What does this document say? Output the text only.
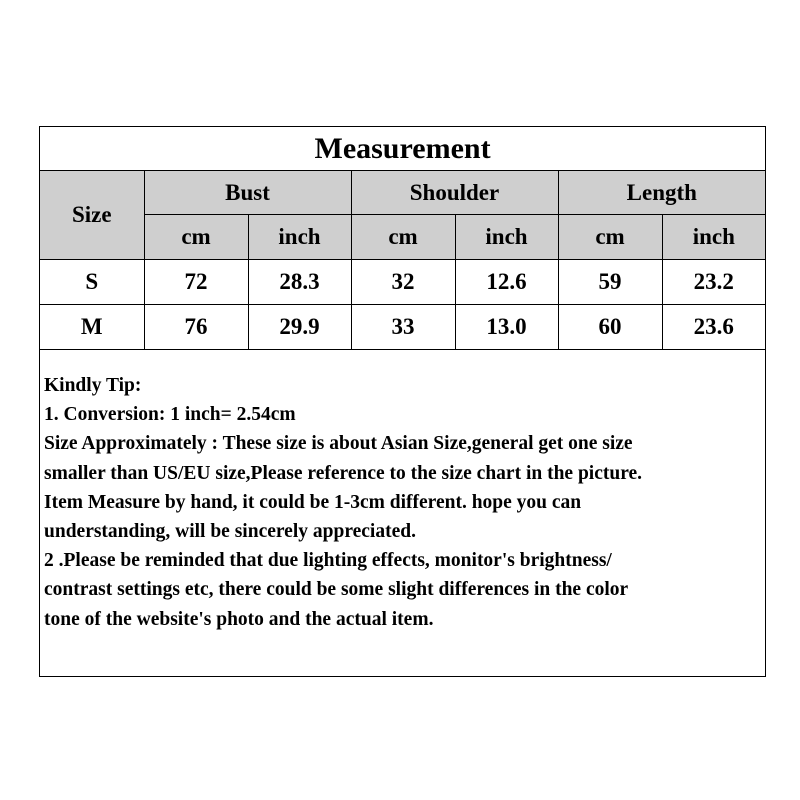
Measurement						
Size	Bust		Shoulder		Length	
	cm	inch	cm	inch	cm	inch
S	72	28.3	32	12.6	59	23.2
M	76	29.9	33	13.0	60	23.6
Kindly Tip:
1. Conversion: 1 inch= 2.54cm
Size Approximately : These size is about Asian Size,general get one size
smaller than US/EU size,Please reference to the size chart in the picture.
Item Measure by hand, it could be 1-3cm different. hope you can
understanding, will be sincerely appreciated.
2 .Please be reminded that due lighting effects, monitor's brightness/
contrast settings etc, there could be some slight differences in the color
tone of the website's photo and the actual item.
